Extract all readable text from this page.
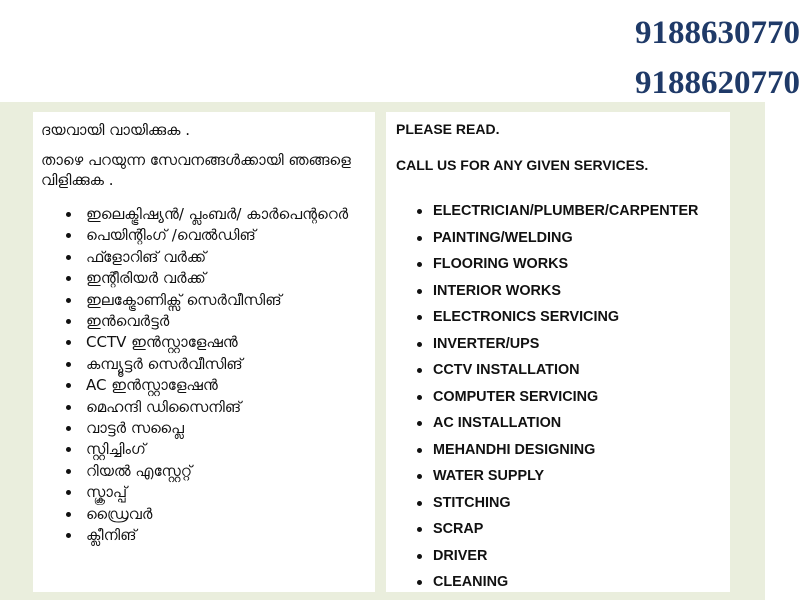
9188630770
9188620770

ദയവായി വായിക്കുക .

താഴെ പറയുന്ന സേവനങ്ങൾക്കായി ഞങ്ങളെ വിളിക്കുക .

ഇലെക്ട്രിഷ്യൻ/ പ്ലംബർ/ കാർപെന്ററെർ
പെയിന്റിംഗ് /വെൽഡിങ്
ഫ്ളോറിങ് വർക്ക്
ഇന്റീരിയർ വർക്ക്
ഇലക്ട്രോണിക്സ് സെർവീസിങ്
ഇൻവെർട്ടർ
CCTV ഇൻസ്റ്റാളേഷൻ
കമ്പ്യൂട്ടർ സെർവീസിങ്
AC ഇൻസ്റ്റാളേഷൻ
മെഹന്ദി ഡിസൈനിങ്
വാട്ടർ സപ്ലൈ
സ്റ്റിച്ചിംഗ്
റിയൽ എസ്റ്റേറ്റ്
സ്ക്രാപ്പ്
ഡ്രൈവർ
ക്ലീനിങ്

PLEASE READ.

CALL US FOR ANY GIVEN SERVICES.

ELECTRICIAN/PLUMBER/CARPENTER
PAINTING/WELDING
FLOORING WORKS
INTERIOR WORKS
ELECTRONICS SERVICING
INVERTER/UPS
CCTV INSTALLATION
COMPUTER SERVICING
AC INSTALLATION
MEHANDHI DESIGNING
WATER SUPPLY
STITCHING
SCRAP
DRIVER
CLEANING
